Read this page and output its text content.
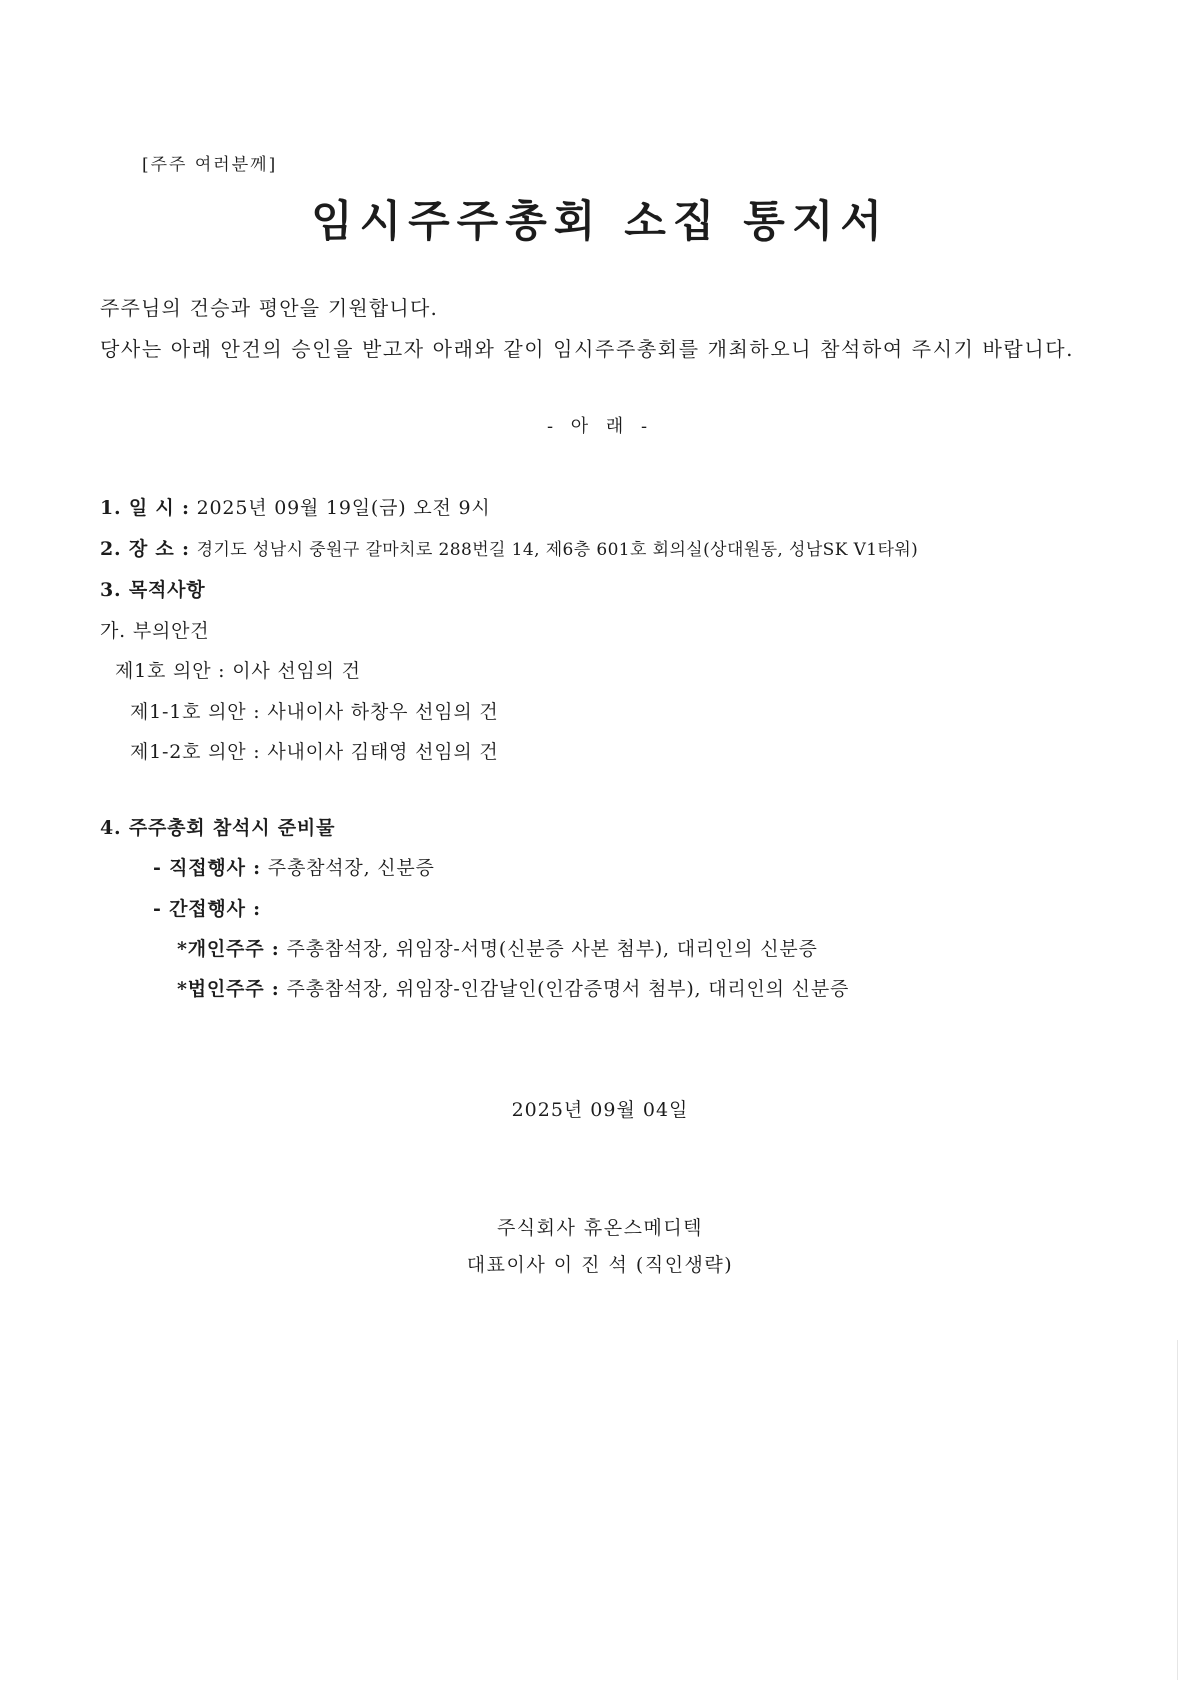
[주주 여러분께]
임시주주총회 소집 통지서
주주님의 건승과 평안을 기원합니다.
당사는 아래 안건의 승인을 받고자 아래와 같이 임시주주총회를 개최하오니 참석하여 주시기 바랍니다.
- 아 래 -
1. 일 시 : 2025년 09월 19일(금) 오전 9시
2. 장 소 : 경기도 성남시 중원구 갈마치로 288번길 14, 제6층 601호 회의실(상대원동, 성남SK V1타워)
3. 목적사항
가. 부의안건
제1호 의안 : 이사 선임의 건
제1-1호 의안 : 사내이사 하창우 선임의 건
제1-2호 의안 : 사내이사 김태영 선임의 건
4. 주주총회 참석시 준비물
- 직접행사 : 주총참석장, 신분증
- 간접행사 :
*개인주주 : 주총참석장, 위임장-서명(신분증 사본 첨부), 대리인의 신분증
*법인주주 : 주총참석장, 위임장-인감날인(인감증명서 첨부), 대리인의 신분증
2025년 09월 04일
주식회사 휴온스메디텍
대표이사 이 진 석 (직인생략)
